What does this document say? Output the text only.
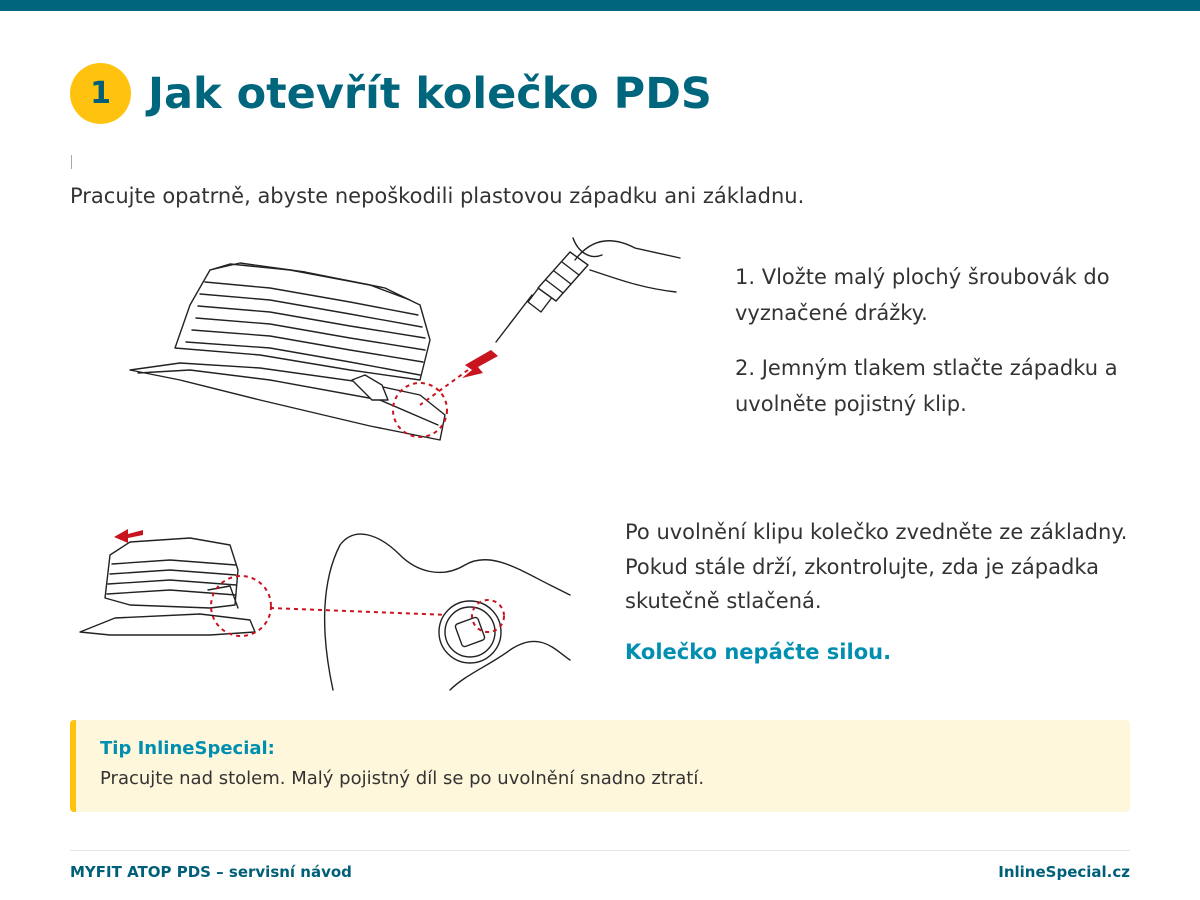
1 Jak otevřít kolečko PDS
Pracujte opatrně, abyste nepoškodili plastovou západku ani základnu.

1. Vložte malý plochý šroubovák do vyznačené drážky.

2. Jemným tlakem stlačte západku a uvolněte pojistný klip.

Po uvolnění klipu kolečko zvedněte ze základny. Pokud stále drží, zkontrolujte, zda je západka skutečně stlačená.

Kolečko nepáčte silou.

Tip InlineSpecial:
Pracujte nad stolem. Malý pojistný díl se po uvolnění snadno ztratí.
MYFIT ATOP PDS – servisní návod	InlineSpecial.cz
